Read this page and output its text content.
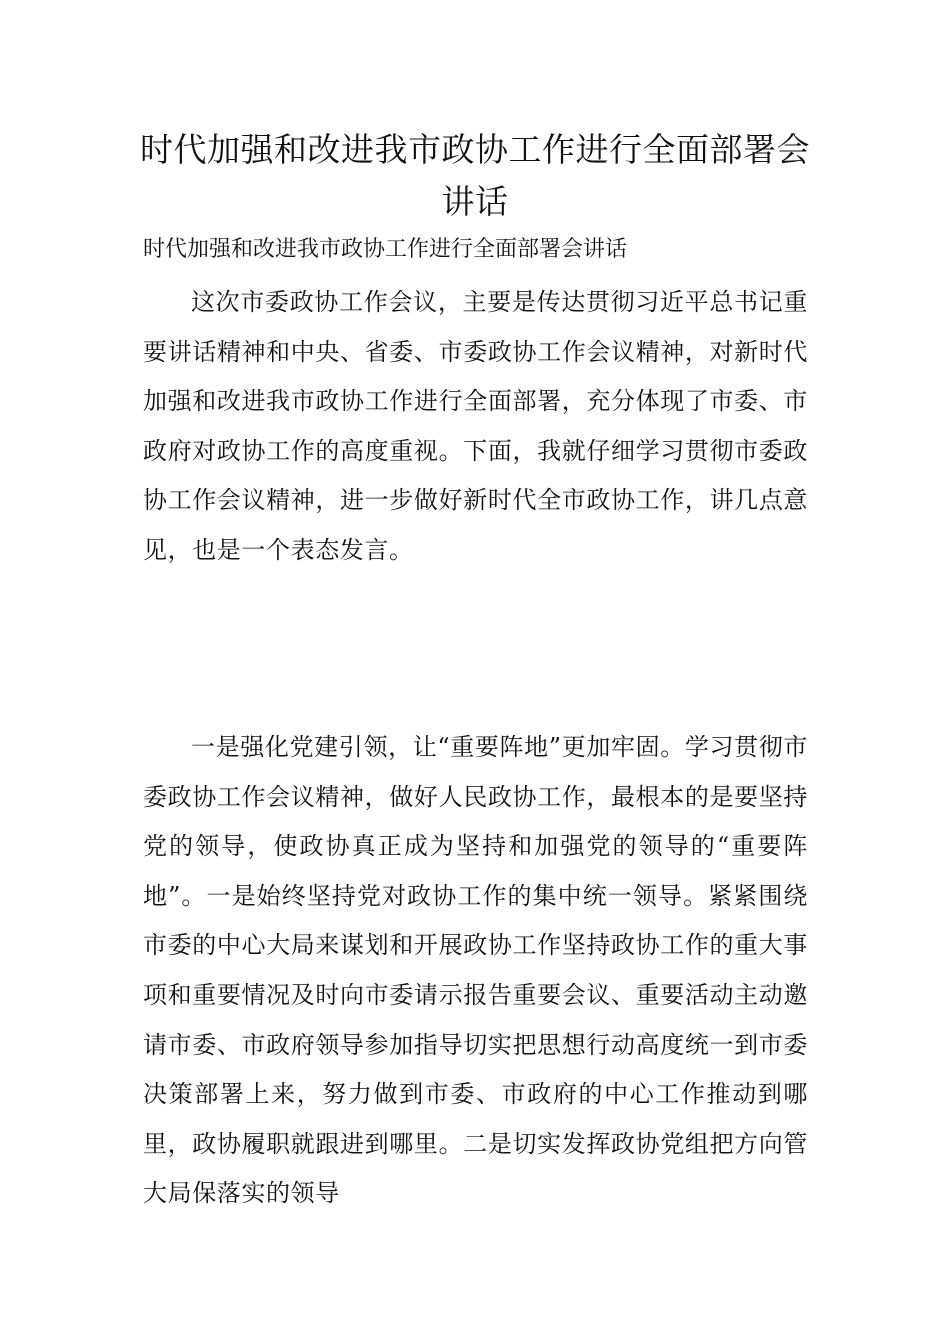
时代加强和改进我市政协工作进行全面部署会讲话

时代加强和改进我市政协工作进行全面部署会讲话

这次市委政协工作会议，主要是传达贯彻习近平总书记重要讲话精神和中央、省委、市委政协工作会议精神，对新时代加强和改进我市政协工作进行全面部署，充分体现了市委、市政府对政协工作的高度重视。下面，我就仔细学习贯彻市委政协工作会议精神，进一步做好新时代全市政协工作，讲几点意见，也是一个表态发言。

一是强化党建引领，让“重要阵地”更加牢固。学习贯彻市委政协工作会议精神，做好人民政协工作，最根本的是要坚持党的领导，使政协真正成为坚持和加强党的领导的“重要阵地”。一是始终坚持党对政协工作的集中统一领导。紧紧围绕市委的中心大局来谋划和开展政协工作坚持政协工作的重大事项和重要情况及时向市委请示报告重要会议、重要活动主动邀请市委、市政府领导参加指导切实把思想行动高度统一到市委决策部署上来，努力做到市委、市政府的中心工作推动到哪里，政协履职就跟进到哪里。二是切实发挥政协党组把方向管大局保落实的领导
